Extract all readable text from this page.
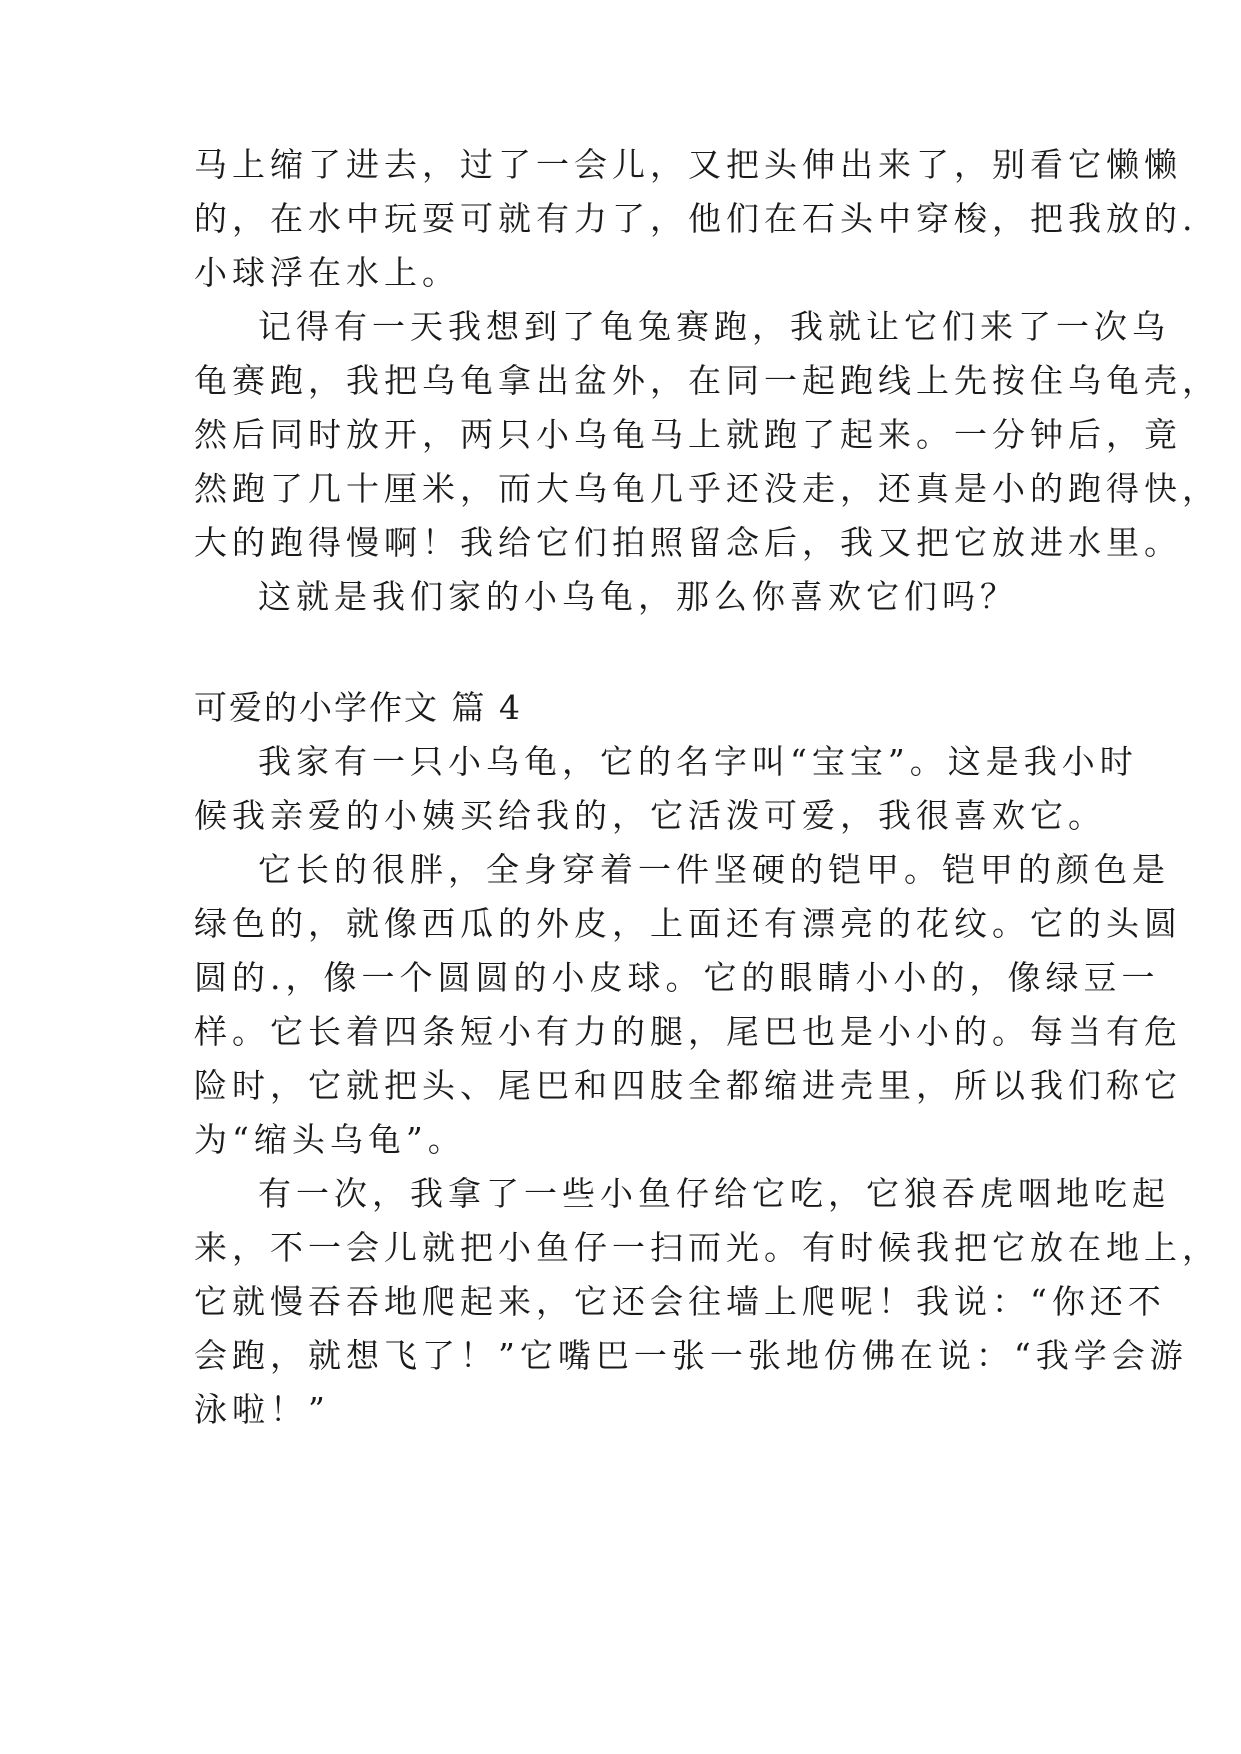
马上缩了进去，过了一会儿，又把头伸出来了，别看它懒懒
的，在水中玩耍可就有力了，他们在石头中穿梭，把我放的.
小球浮在水上。
记得有一天我想到了龟兔赛跑，我就让它们来了一次乌
龟赛跑，我把乌龟拿出盆外，在同一起跑线上先按住乌龟壳，
然后同时放开，两只小乌龟马上就跑了起来。一分钟后，竟
然跑了几十厘米，而大乌龟几乎还没走，还真是小的跑得快，
大的跑得慢啊！我给它们拍照留念后，我又把它放进水里。
这就是我们家的小乌龟，那么你喜欢它们吗？
可爱的小学作文 篇 4
我家有一只小乌龟，它的名字叫“宝宝”。这是我小时
候我亲爱的小姨买给我的，它活泼可爱，我很喜欢它。
它长的很胖，全身穿着一件坚硬的铠甲。铠甲的颜色是
绿色的，就像西瓜的外皮，上面还有漂亮的花纹。它的头圆
圆的.，像一个圆圆的小皮球。它的眼睛小小的，像绿豆一
样。它长着四条短小有力的腿，尾巴也是小小的。每当有危
险时，它就把头、尾巴和四肢全都缩进壳里，所以我们称它
为“缩头乌龟”。
有一次，我拿了一些小鱼仔给它吃，它狼吞虎咽地吃起
来，不一会儿就把小鱼仔一扫而光。有时候我把它放在地上，
它就慢吞吞地爬起来，它还会往墙上爬呢！我说：“你还不
会跑，就想飞了！”它嘴巴一张一张地仿佛在说：“我学会游
泳啦！”
